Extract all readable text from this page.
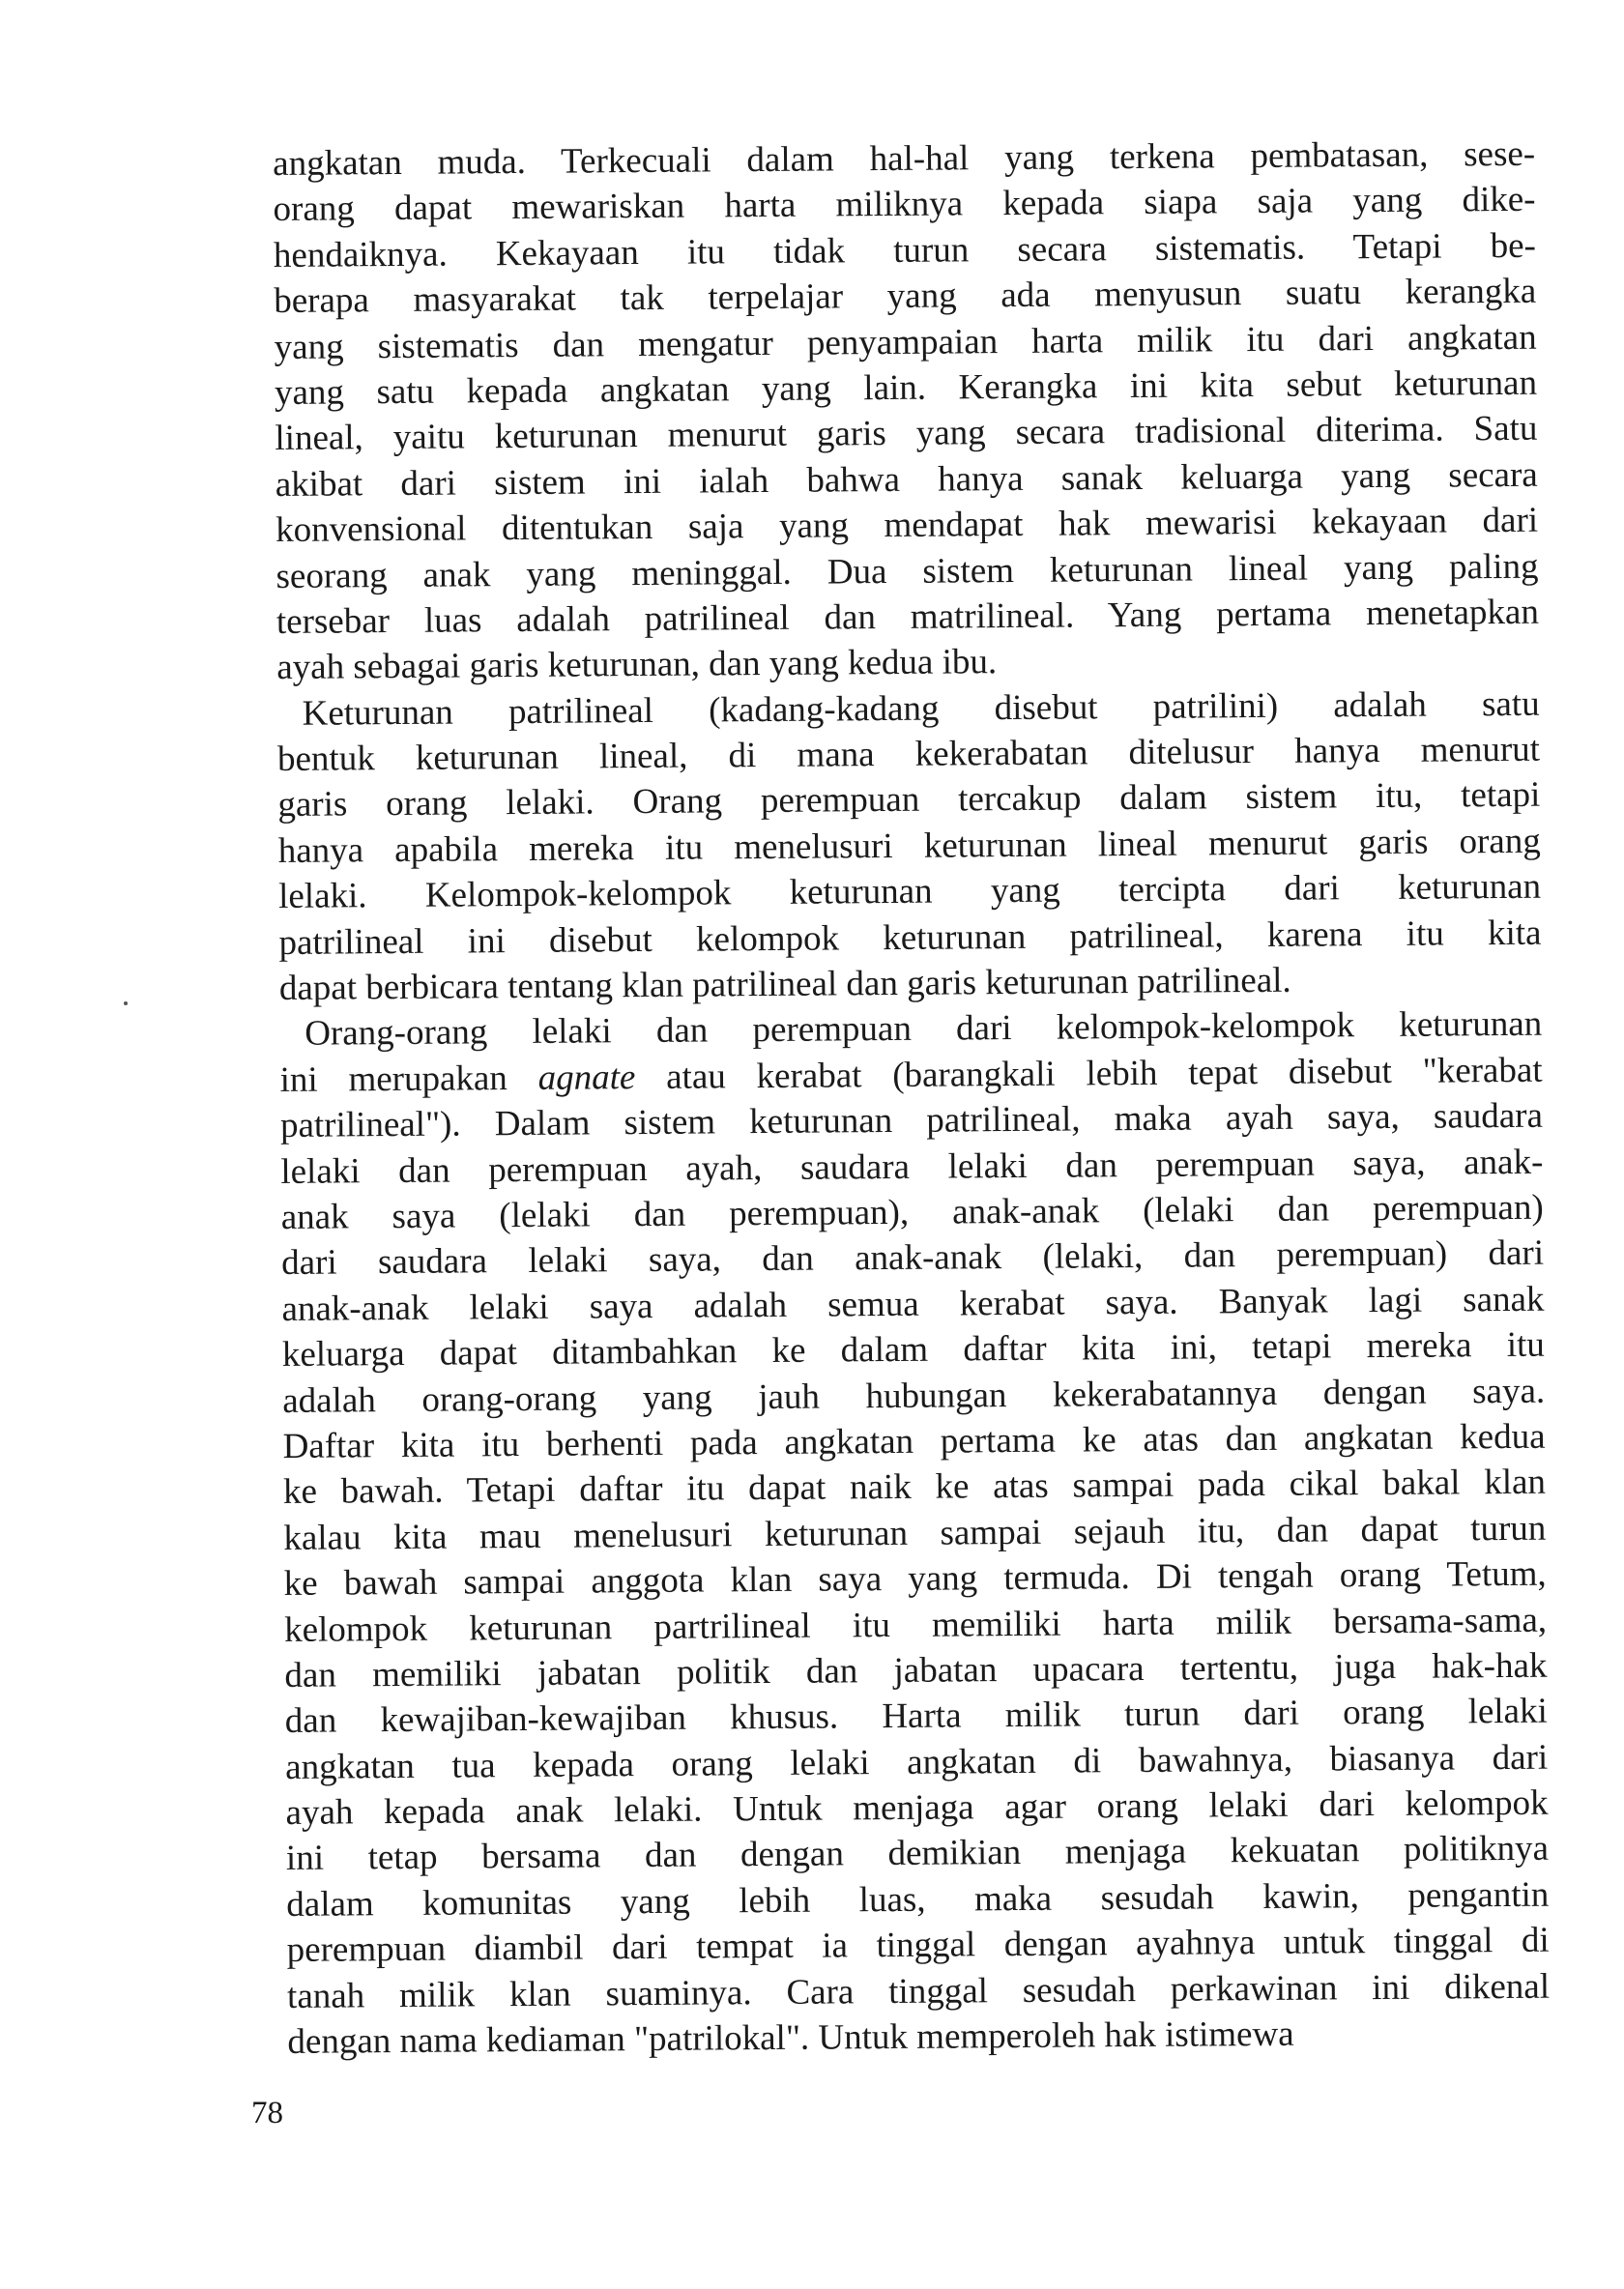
angkatan muda. Terkecuali dalam hal-hal yang terkena pembatasan, sese-
orang dapat mewariskan harta miliknya kepada siapa saja yang dike-
hendaiknya. Kekayaan itu tidak turun secara sistematis. Tetapi be-
berapa masyarakat tak terpelajar yang ada menyusun suatu kerangka
yang sistematis dan mengatur penyampaian harta milik itu dari angkatan
yang satu kepada angkatan yang lain. Kerangka ini kita sebut keturunan
lineal, yaitu keturunan menurut garis yang secara tradisional diterima. Satu
akibat dari sistem ini ialah bahwa hanya sanak keluarga yang secara
konvensional ditentukan saja yang mendapat hak mewarisi kekayaan dari
seorang anak yang meninggal. Dua sistem keturunan lineal yang paling
tersebar luas adalah patrilineal dan matrilineal. Yang pertama menetapkan
ayah sebagai garis keturunan, dan yang kedua ibu.
Keturunan patrilineal (kadang-kadang disebut patrilini) adalah satu
bentuk keturunan lineal, di mana kekerabatan ditelusur hanya menurut
garis orang lelaki. Orang perempuan tercakup dalam sistem itu, tetapi
hanya apabila mereka itu menelusuri keturunan lineal menurut garis orang
lelaki. Kelompok-kelompok keturunan yang tercipta dari keturunan
patrilineal ini disebut kelompok keturunan patrilineal, karena itu kita
dapat berbicara tentang klan patrilineal dan garis keturunan patrilineal.
Orang-orang lelaki dan perempuan dari kelompok-kelompok keturunan
ini merupakan agnate atau kerabat (barangkali lebih tepat disebut "kerabat
patrilineal"). Dalam sistem keturunan patrilineal, maka ayah saya, saudara
lelaki dan perempuan ayah, saudara lelaki dan perempuan saya, anak-
anak saya (lelaki dan perempuan), anak-anak (lelaki dan perempuan)
dari saudara lelaki saya, dan anak-anak (lelaki, dan perempuan) dari
anak-anak lelaki saya adalah semua kerabat saya. Banyak lagi sanak
keluarga dapat ditambahkan ke dalam daftar kita ini, tetapi mereka itu
adalah orang-orang yang jauh hubungan kekerabatannya dengan saya.
Daftar kita itu berhenti pada angkatan pertama ke atas dan angkatan kedua
ke bawah. Tetapi daftar itu dapat naik ke atas sampai pada cikal bakal klan
kalau kita mau menelusuri keturunan sampai sejauh itu, dan dapat turun
ke bawah sampai anggota klan saya yang termuda. Di tengah orang Tetum,
kelompok keturunan partrilineal itu memiliki harta milik bersama-sama,
dan memiliki jabatan politik dan jabatan upacara tertentu, juga hak-hak
dan kewajiban-kewajiban khusus. Harta milik turun dari orang lelaki
angkatan tua kepada orang lelaki angkatan di bawahnya, biasanya dari
ayah kepada anak lelaki. Untuk menjaga agar orang lelaki dari kelompok
ini tetap bersama dan dengan demikian menjaga kekuatan politiknya
dalam komunitas yang lebih luas, maka sesudah kawin, pengantin
perempuan diambil dari tempat ia tinggal dengan ayahnya untuk tinggal di
tanah milik klan suaminya. Cara tinggal sesudah perkawinan ini dikenal
dengan nama kediaman "patrilokal". Untuk memperoleh hak istimewa
78
